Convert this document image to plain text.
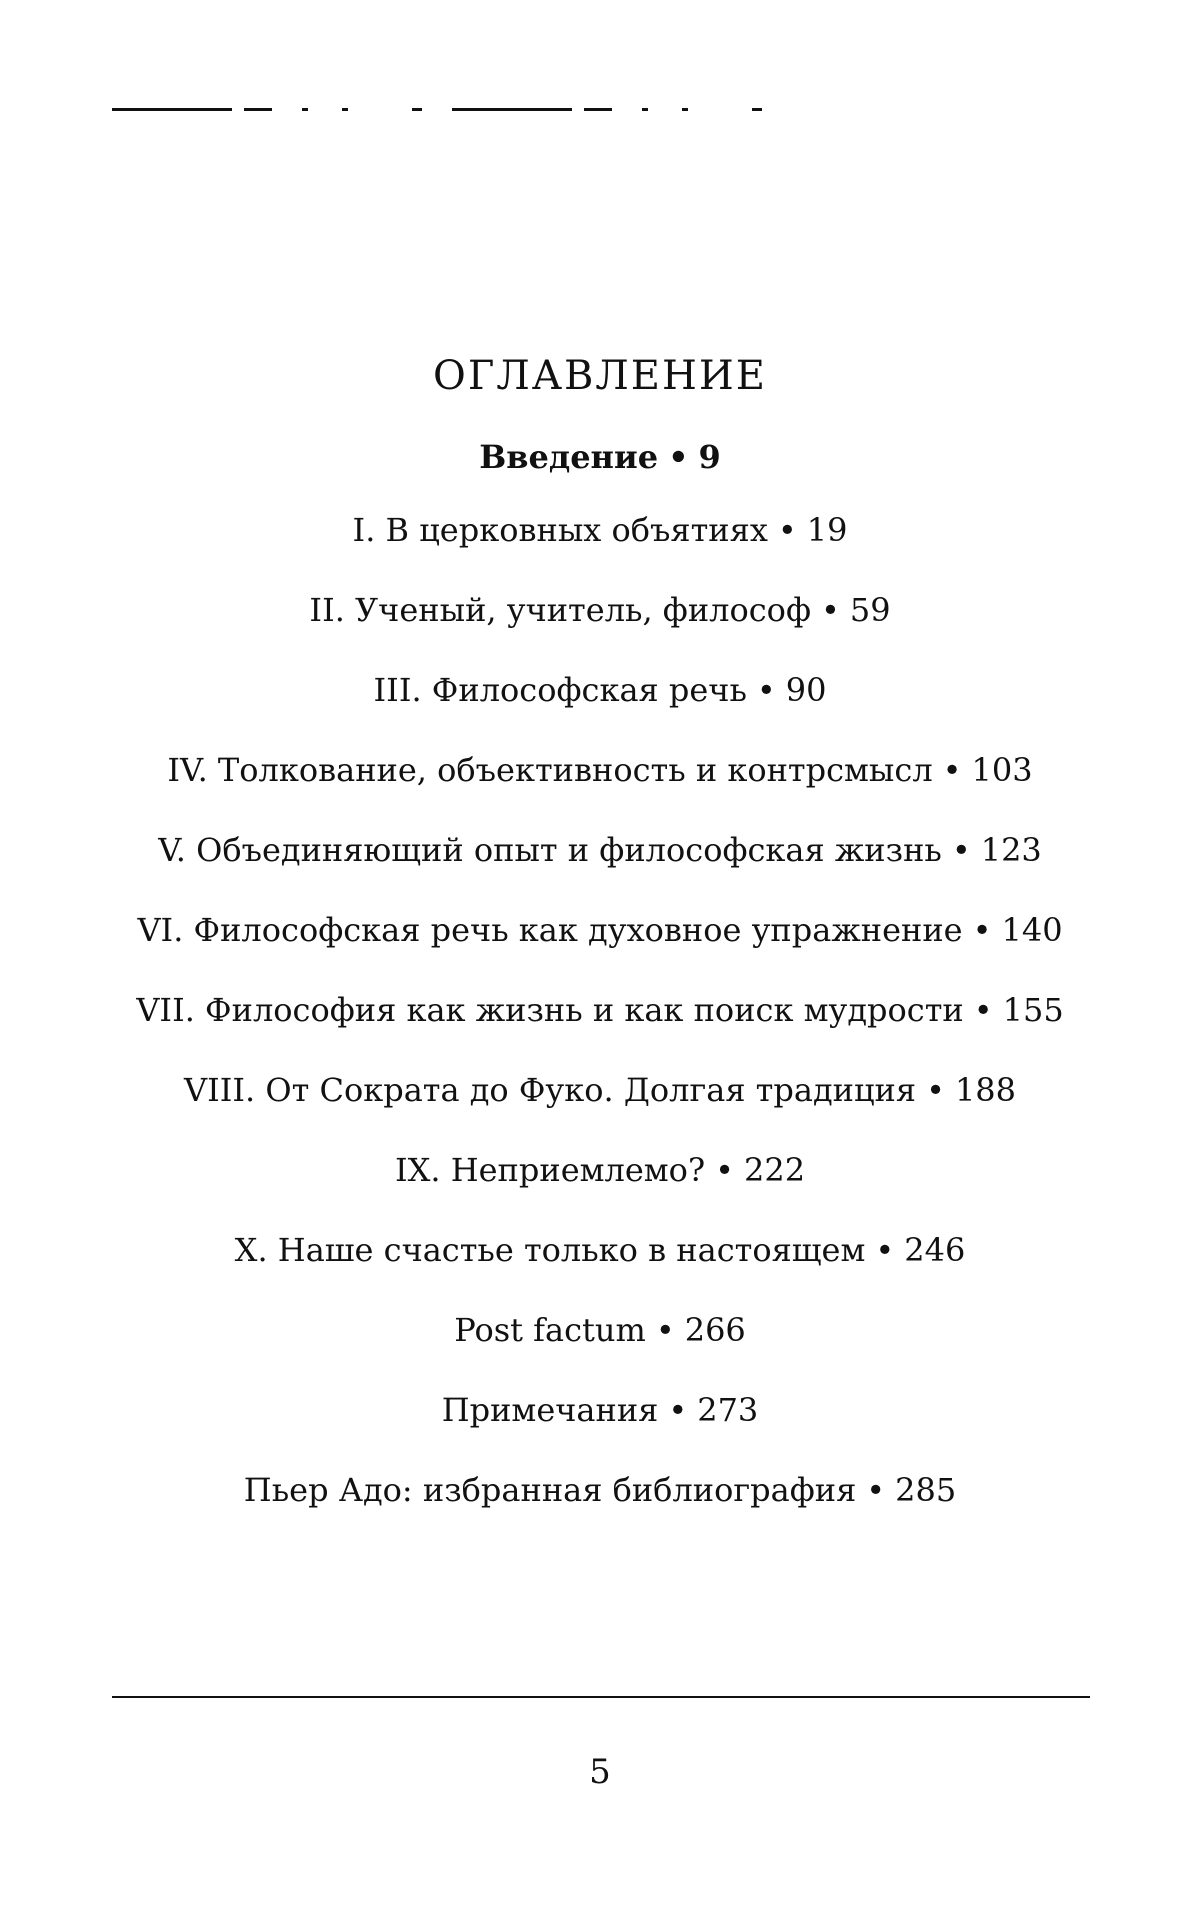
ОГЛАВЛЕНИЕ
Введение • 9
I. В церковных объятиях • 19
II. Ученый, учитель, философ • 59
III. Философская речь • 90
IV. Толкование, объективность и контрсмысл • 103
V. Объединяющий опыт и философская жизнь • 123
VI. Философская речь как духовное упражнение • 140
VII. Философия как жизнь и как поиск мудрости • 155
VIII. От Сократа до Фуко. Долгая традиция • 188
IX. Неприемлемо? • 222
X. Наше счастье только в настоящем • 246
Post factum • 266
Примечания • 273
Пьер Адо: избранная библиография • 285
5
